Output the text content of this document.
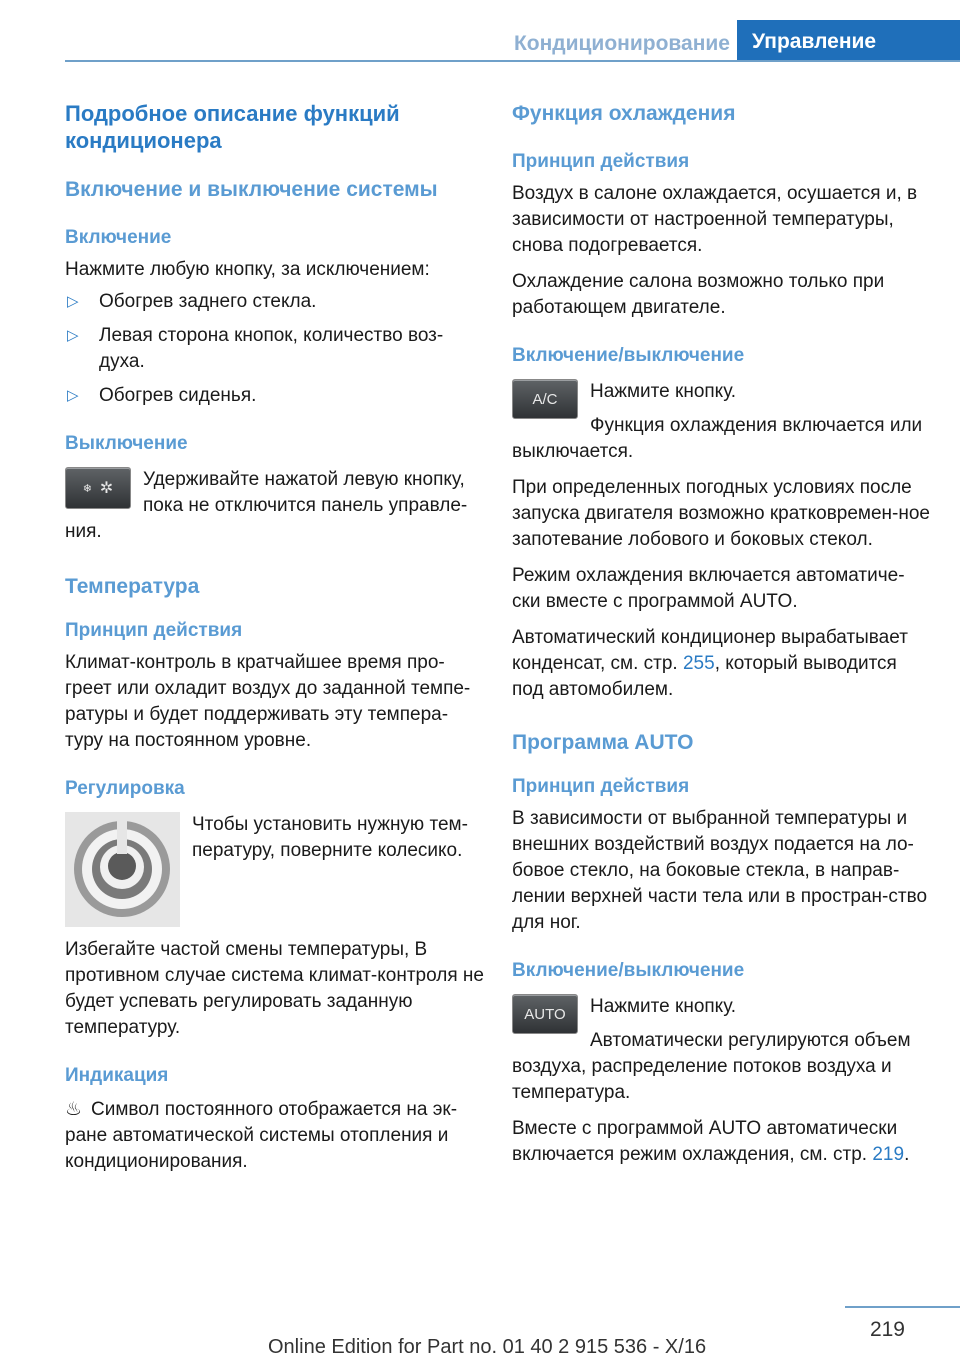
Кондиционирование	Управление
Подробное описание функций кондиционера
Включение и выключение системы
Включение

Нажмите любую кнопку, за исключением:

▷ Обогрев заднего стекла.
▷ Левая сторона кнопок, количество воз‐духа.
▷ Обогрев сиденья.
Выключение
❄ ✲	Удерживайте нажатой левую кнопку, пока не отключится панель управле‐ния.

Температура
Принцип действия

Климат-контроль в кратчайшее время про‐греет или охладит воздух до заданной темпе‐ратуры и будет поддерживать эту темпера‐туру на постоянном уровне.

Регулировка

Чтобы установить нужную тем‐пературу, поверните колесико.

Избегайте частой смены температуры, В противном случае система климат-контроля не будет успевать регулировать заданную температуру.

Индикация

♨ Символ постоянного отображается на эк‐ране автоматической системы отопления и кондиционирования.

Функция охлаждения
Принцип действия

Воздух в салоне охлаждается, осушается и, в зависимости от настроенной температуры, снова подогревается.

Охлаждение салона возможно только при работающем двигателе.

Включение/выключение
A/C	Нажмите кнопку.

Функция охлаждения включается или выключается.

При определенных погодных условиях после запуска двигателя возможно кратковремен‐ное запотевание лобового и боковых стекол.

Режим охлаждения включается автоматиче‐ски вместе с программой AUTO.

Автоматический кондиционер вырабатывает конденсат, см. стр. 255, который выводится под автомобилем.

Программа AUTO
Принцип действия

В зависимости от выбранной температуры и внешних воздействий воздух подается на ло‐бовое стекло, на боковые стекла, в направ‐лении верхней части тела или в простран‐ство для ног.

Включение/выключение
AUTO	Нажмите кнопку.

Автоматически регулируются объем воздуха, распределение потоков воздуха и температура.

Вместе с программой AUTO автоматически включается режим охлаждения, см. стр. 219.

219
Online Edition for Part no. 01 40 2 915 536 - X/16
